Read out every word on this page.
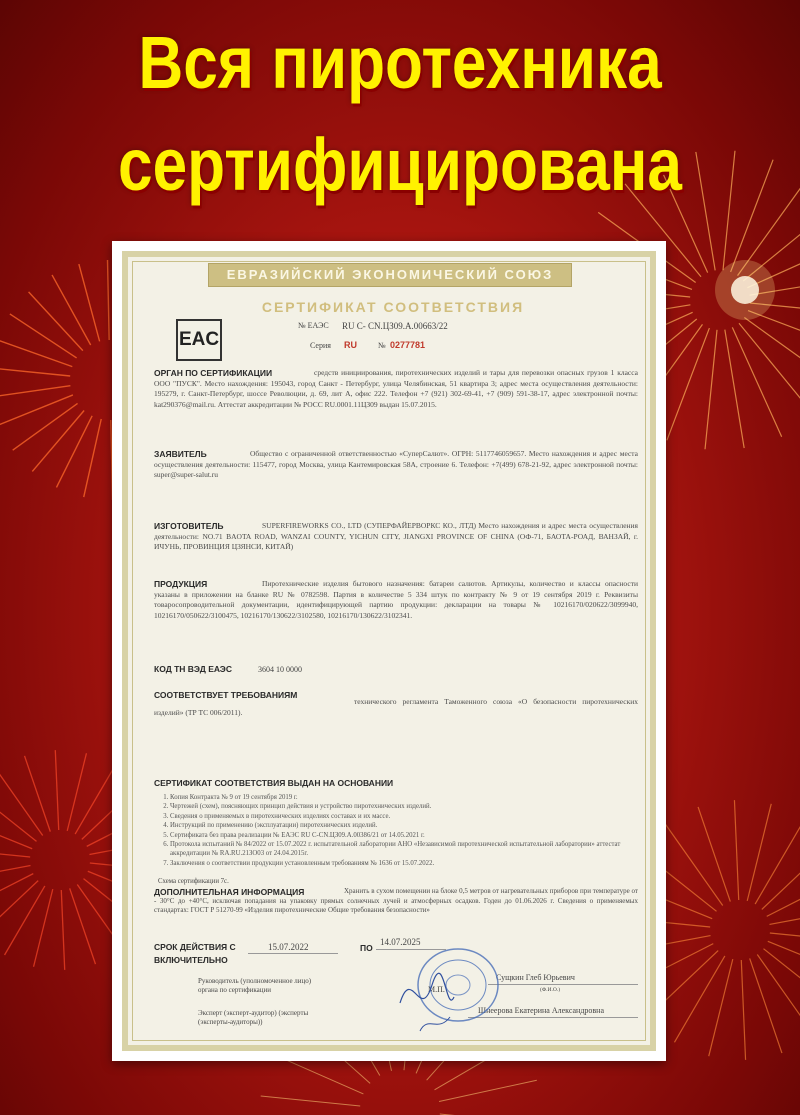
Вся пиротехника
сертифицирована
ЕВРАЗИЙСКИЙ ЭКОНОМИЧЕСКИЙ СОЮЗ
СЕРТИФИКАТ СООТВЕТСТВИЯ
EAC
№ ЕАЭС RU C- CN.ЦЗ09.A.00663/22
Серия RU	№ 0277781
ОРГАН ПО СЕРТИФИКАЦИИ	средств инициирования, пиротехнических изделий и тары для перевозки опасных грузов 1 класса ООО "ПУСК". Место нахождения: 195043, город Санкт - Петербург, улица Челябинская, 51 квартира 3; адрес места осуществления деятельности: 195279, г. Санкт-Петербург, шоссе Революции, д. 69, лит А, офис 222. Телефон +7 (921) 302-69-41, +7 (909) 591-38-17, адрес электронной почты: kat290376@mail.ru. Аттестат аккредитации № РОСС RU.0001.11ЦЗ09 выдан 15.07.2015.
ЗАЯВИТЕЛЬ	Общество с ограниченной ответственностью «СуперСалют». ОГРН: 5117746059657. Место нахождения и адрес места осуществления деятельности: 115477, город Москва, улица Кантемировская 58А, строение 6. Телефон: +7(499) 678-21-92, адрес электронной почты: super@super-salut.ru
ИЗГОТОВИТЕЛЬ	SUPERFIREWORKS CO., LTD (СУПЕРФАЙЕРВОРКС КО., ЛТД) Место нахождения и адрес места осуществления деятельности: NO.71 BAOTA ROAD, WANZAI COUNTY, YICHUN CITY, JIANGXI PROVINCE OF CHINA (ОФ-71, БАОТА-РОАД, ВАНЗАЙ, г. ИЧУНЬ, ПРОВИНЦИЯ ЦЗЯНСИ, КИТАЙ)
ПРОДУКЦИЯ	Пиротехнические изделия бытового назначения: батареи салютов. Артикулы, количество и классы опасности указаны в приложении на бланке RU № 0782598. Партия в количестве 5 334 штук по контракту № 9 от 19 сентября 2019 г. Реквизиты товаросопроводительной документации, идентифицирующей партию продукции: декларации на товары № 10216170/020622/3099940, 10216170/050622/3100475, 10216170/130622/3102580, 10216170/130622/3102341.
КОД ТН ВЭД ЕАЭС	3604 10 0000
СООТВЕТСТВУЕТ ТРЕБОВАНИЯМ
технического регламента Таможенного союза «О безопасности пиротехнических изделий» (ТР ТС 006/2011).
СЕРТИФИКАТ СООТВЕТСТВИЯ ВЫДАН НА ОСНОВАНИИ
1. Копия Контракта № 9 от 19 сентября 2019 г.
2. Чертежей (схем), поясняющих принцип действия и устройство пиротехнических изделий.
3. Сведения о применяемых в пиротехнических изделиях составах и их массе.
4. Инструкций по применению (эксплуатации) пиротехнических изделий.
5. Сертификата без права реализации № ЕАЭС RU С-CN.ЦЗ09.А.00386/21 от 14.05.2021 г.
6. Протокола испытаний № 84/2022 от 15.07.2022 г. испытательной лаборатории АНО «Независимой пиротехнической испытательной лаборатории» аттестат аккредитации № RA.RU.21ЗО03 от 24.04.2015г.
7. Заключения о соответствии продукции установленным требованиям № 1636 от 15.07.2022.
Схема сертификации 7с.
ДОПОЛНИТЕЛЬНАЯ ИНФОРМАЦИЯ	Хранить в сухом помещении на блоке 0,5 метров от нагревательных приборов при температуре от - 30°С до +40°С, исключая попадания на упаковку прямых солнечных лучей и атмосферных осадков. Годен до 01.06.2026 г. Сведения о применяемых стандартах: ГОСТ Р 51270-99 «Изделия пиротехнические Общие требования безопасности»
СРОК ДЕЙСТВИЯ С
ВКЛЮЧИТЕЛЬНО
15.07.2022	ПО
14.07.2025
Руководитель (уполномоченное лицо) органа по сертификации
Сущкин Глеб Юрьевич
(Ф.И.О.)
М.П.
Эксперт (эксперт-аудитор) (эксперты (эксперты-аудиторы))
Шнеерова Екатерина Александровна
